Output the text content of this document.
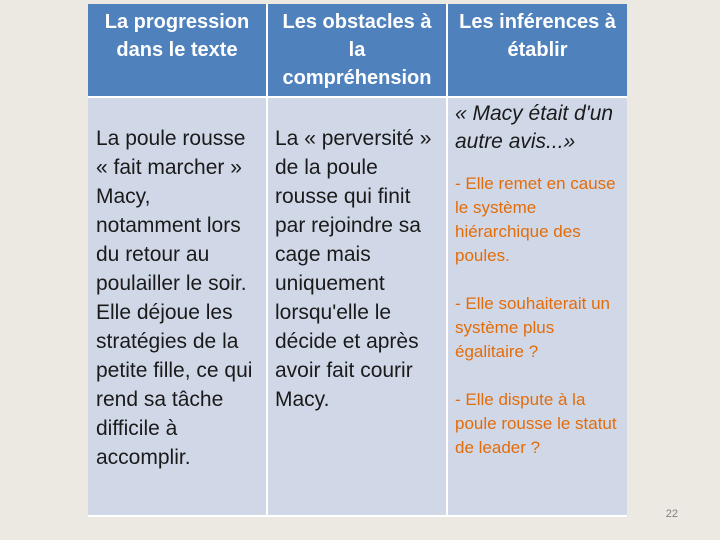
La progression dans le texte
Les obstacles à la compréhension
Les inférences à établir
La poule rousse « fait marcher » Macy, notamment lors du retour au poulailler le soir. Elle déjoue les stratégies de la petite fille, ce qui rend sa tâche difficile à accomplir.
La « perversité » de la poule rousse qui finit par rejoindre sa cage mais uniquement lorsqu'elle le décide et après avoir fait courir Macy.
« Macy était d'un autre avis...»
- Elle remet en cause le système hiérarchique des poules.
- Elle souhaiterait un système plus égalitaire ?
- Elle dispute à la poule rousse le statut de leader ?
22
